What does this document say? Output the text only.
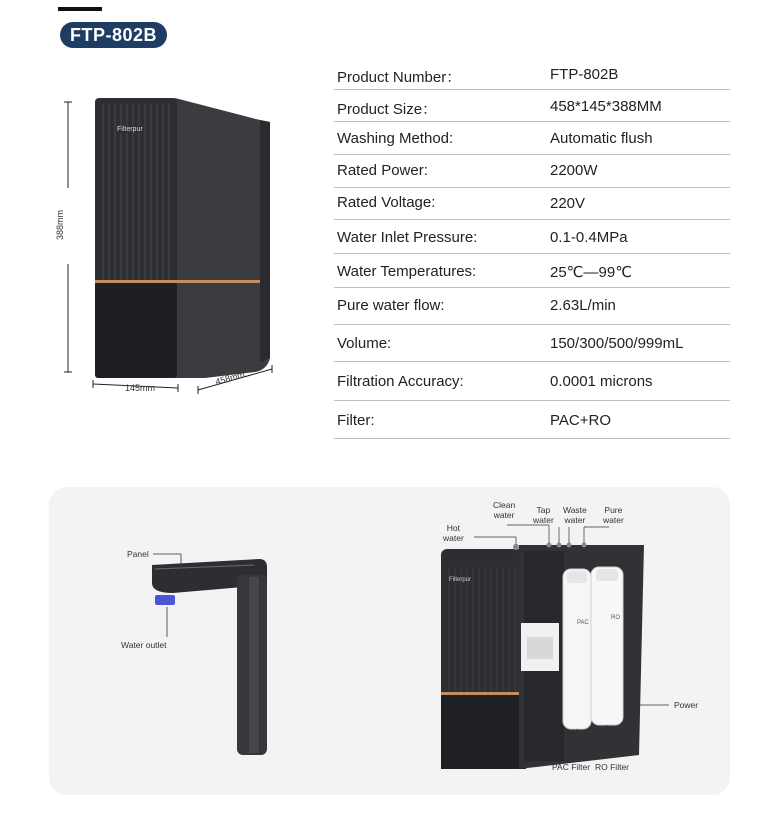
FTP-802B
Filterpur
388mm
145mm
458mm
Product Number：	FTP-802B
Product Size：	458*145*388MM
Washing Method:	Automatic flush
Rated Power:	2200W
Rated Voltage:	220V
Water Inlet Pressure:	0.1-0.4MPa
Water Temperatures:	25℃—99℃
Pure water flow:	2.63L/min
Volume:	150/300/500/999mL
Filtration Accuracy:	0.0001 microns
Filter:	PAC+RO
Panel
Water outlet
Filterpur
PAC
RO
Hot
water
Clean
water	Tap
water
Waste
water
Pure
water
Power
PAC Filter RO Filter
